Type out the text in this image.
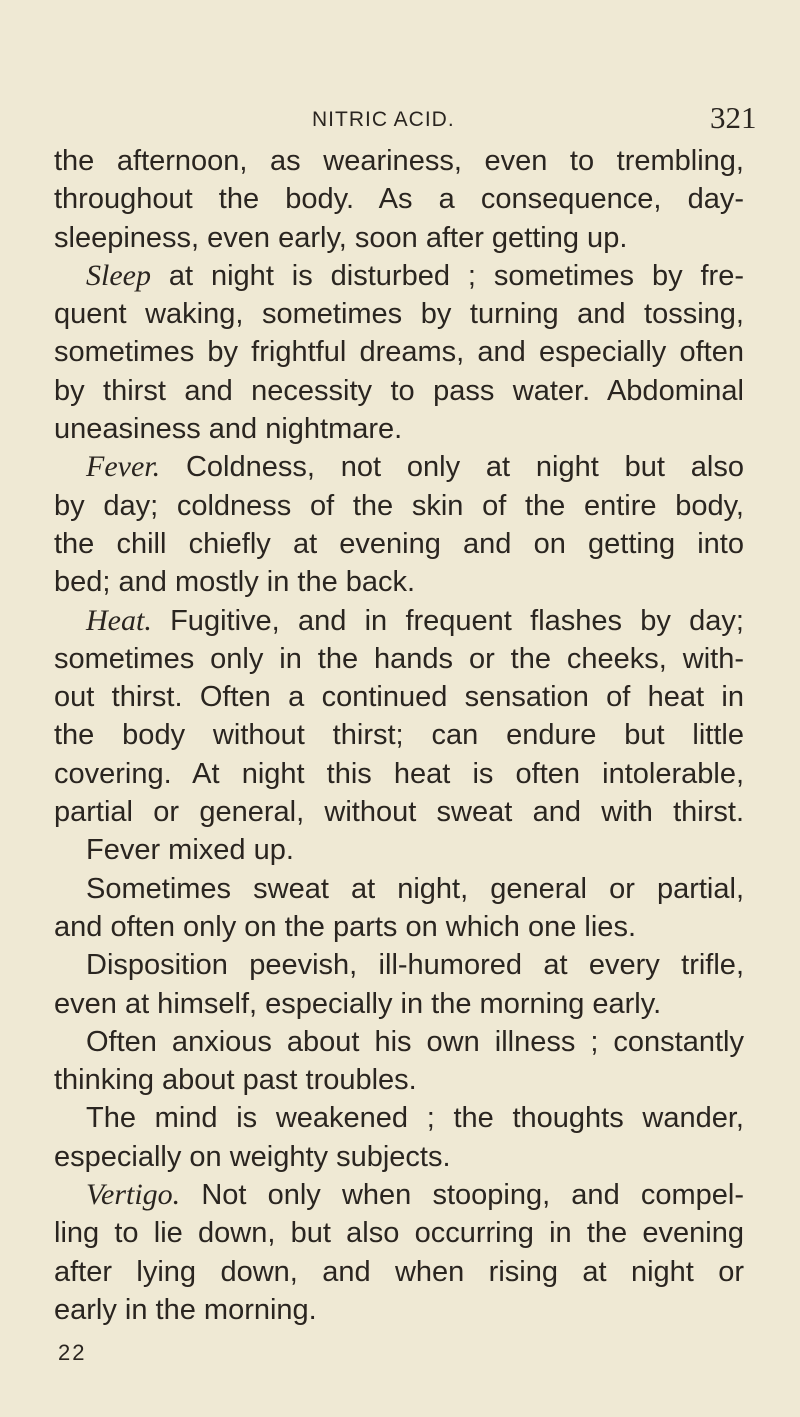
NITRIC ACID.	321
the afternoon, as weariness, even to trembling,
throughout the body. As a consequence, day-
sleepiness, even early, soon after getting up.
Sleep at night is disturbed ; sometimes by fre-
quent waking, sometimes by turning and tossing,
sometimes by frightful dreams, and especially often
by thirst and necessity to pass water. Abdominal
uneasiness and nightmare.
Fever. Coldness, not only at night but also
by day; coldness of the skin of the entire body,
the chill chiefly at evening and on getting into
bed; and mostly in the back.
Heat. Fugitive, and in frequent flashes by day;
sometimes only in the hands or the cheeks, with-
out thirst. Often a continued sensation of heat in
the body without thirst; can endure but little
covering. At night this heat is often intolerable,
partial or general, without sweat and with thirst.
Fever mixed up.
Sometimes sweat at night, general or partial,
and often only on the parts on which one lies.
Disposition peevish, ill-humored at every trifle,
even at himself, especially in the morning early.
Often anxious about his own illness ; constantly
thinking about past troubles.
The mind is weakened ; the thoughts wander,
especially on weighty subjects.
Vertigo. Not only when stooping, and compel-
ling to lie down, but also occurring in the evening
after lying down, and when rising at night or
early in the morning.
22
